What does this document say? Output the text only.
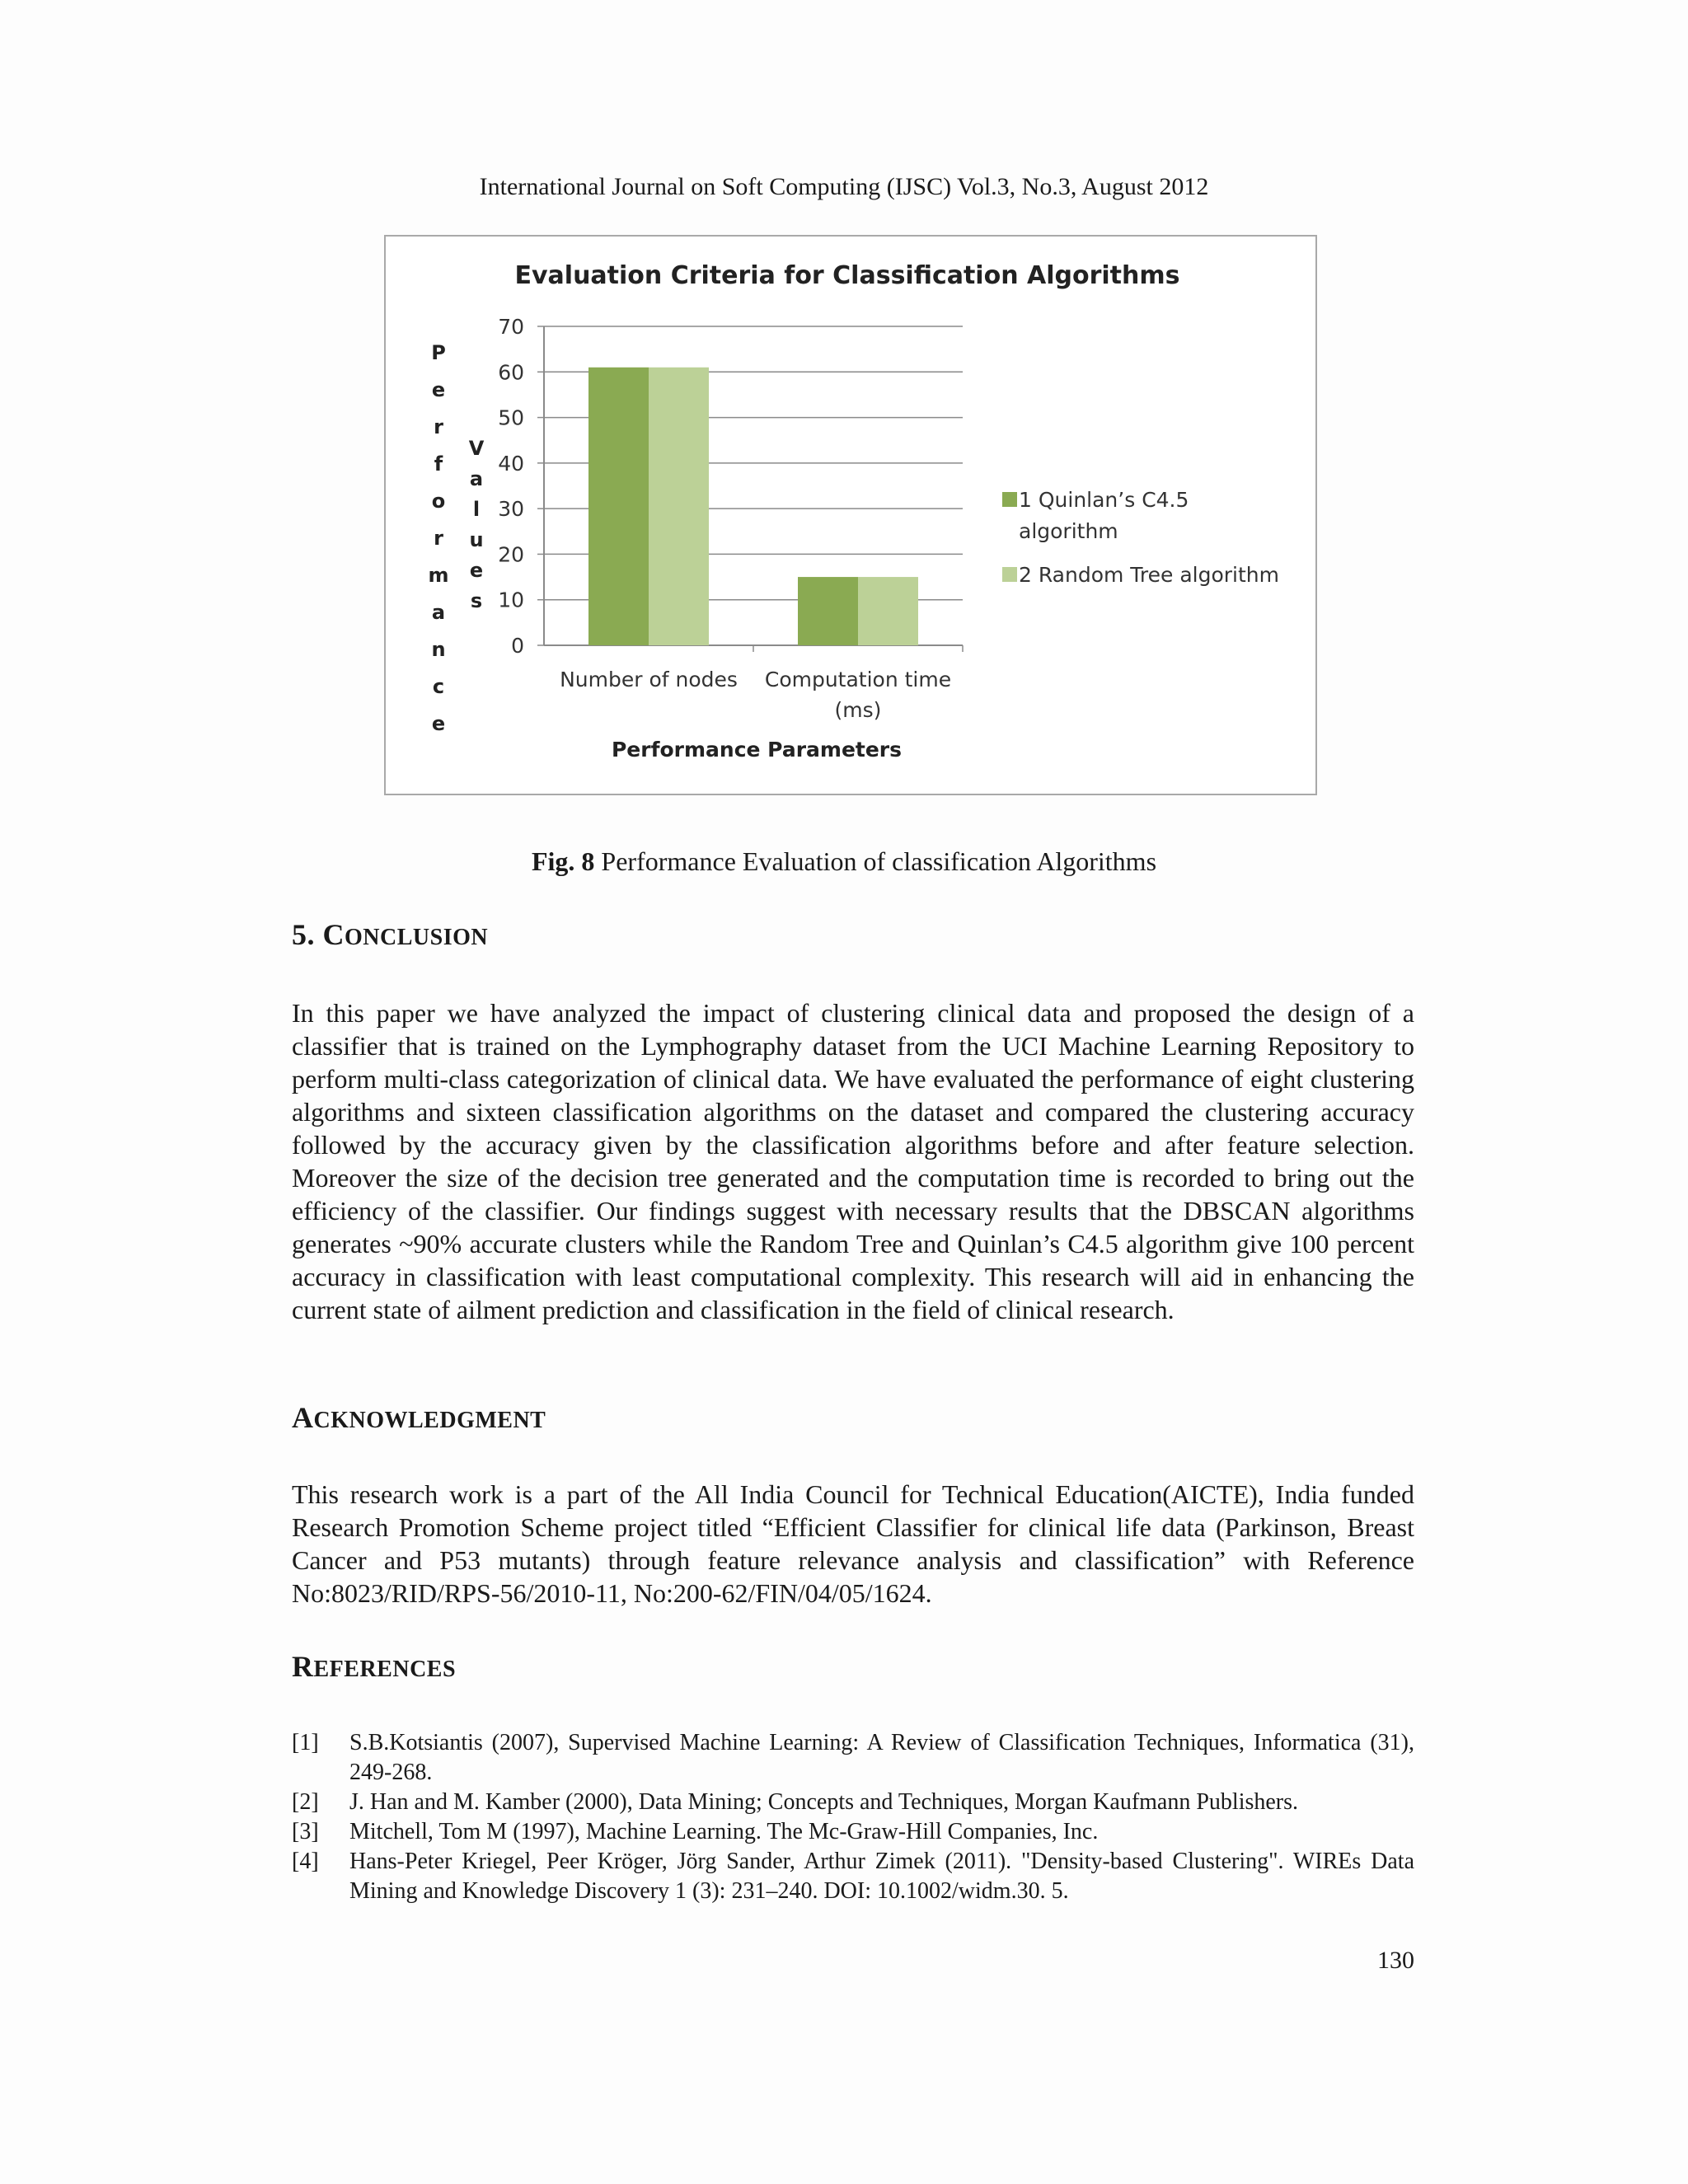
International Journal on Soft Computing (IJSC) Vol.3, No.3, August 2012
Evaluation Criteria for Classification Algorithms
0
10
20
30
40
50
60
70
Number of nodes Computation time
(ms)
Performance Parameters
P
e
r
f
o
r
m
a
n
c
e
V
a
l
u
e
s
1 Quinlan’s C4.5
algorithm
2 Random Tree algorithm
Fig. 8 Performance Evaluation of classification Algorithms
5. CONCLUSION
In this paper we have analyzed the impact of clustering clinical data and proposed the design of a classifier that is trained on the Lymphography dataset from the UCI Machine Learning Repository to perform multi-class categorization of clinical data. We have evaluated the performance of eight clustering algorithms and sixteen classification algorithms on the dataset and compared the clustering accuracy followed by the accuracy given by the classification algorithms before and after feature selection. Moreover the size of the decision tree generated and the computation time is recorded to bring out the efficiency of the classifier. Our findings suggest with necessary results that the DBSCAN algorithms generates ~90% accurate clusters while the Random Tree and Quinlan’s C4.5 algorithm give 100 percent accuracy in classification with least computational complexity. This research will aid in enhancing the current state of ailment prediction and classification in the field of clinical research.
ACKNOWLEDGMENT
This research work is a part of the All India Council for Technical Education(AICTE), India funded Research Promotion Scheme project titled “Efficient Classifier for clinical life data (Parkinson, Breast Cancer and P53 mutants) through feature relevance analysis and classification” with Reference No:8023/RID/RPS-56/2010-11, No:200-62/FIN/04/05/1624.
REFERENCES
[1]	S.B.Kotsiantis (2007), Supervised Machine Learning: A Review of Classification Techniques, Informatica (31), 249-268.
[2]	J. Han and M. Kamber (2000), Data Mining; Concepts and Techniques, Morgan Kaufmann Publishers.
[3]	Mitchell, Tom M (1997), Machine Learning. The Mc-Graw-Hill Companies, Inc.
[4]	Hans-Peter Kriegel, Peer Kröger, Jörg Sander, Arthur Zimek (2011). "Density-based Clustering". WIREs Data Mining and Knowledge Discovery 1 (3): 231–240. DOI: 10.1002/widm.30. 5.
130
